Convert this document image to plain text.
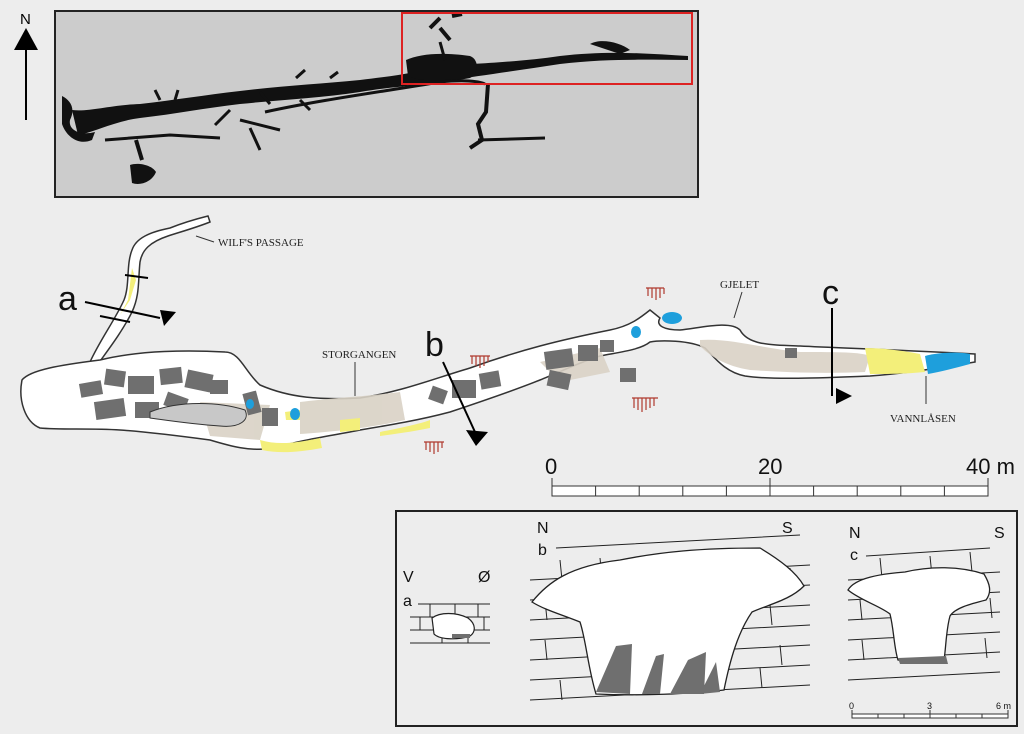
N
a
b
c
WILF'S PASSAGE
STORGANGEN
GJELET
VANNLÅSEN
0	20	40 m
V	Ø
a
N	S
b
N	S
c
0	3	6 m
